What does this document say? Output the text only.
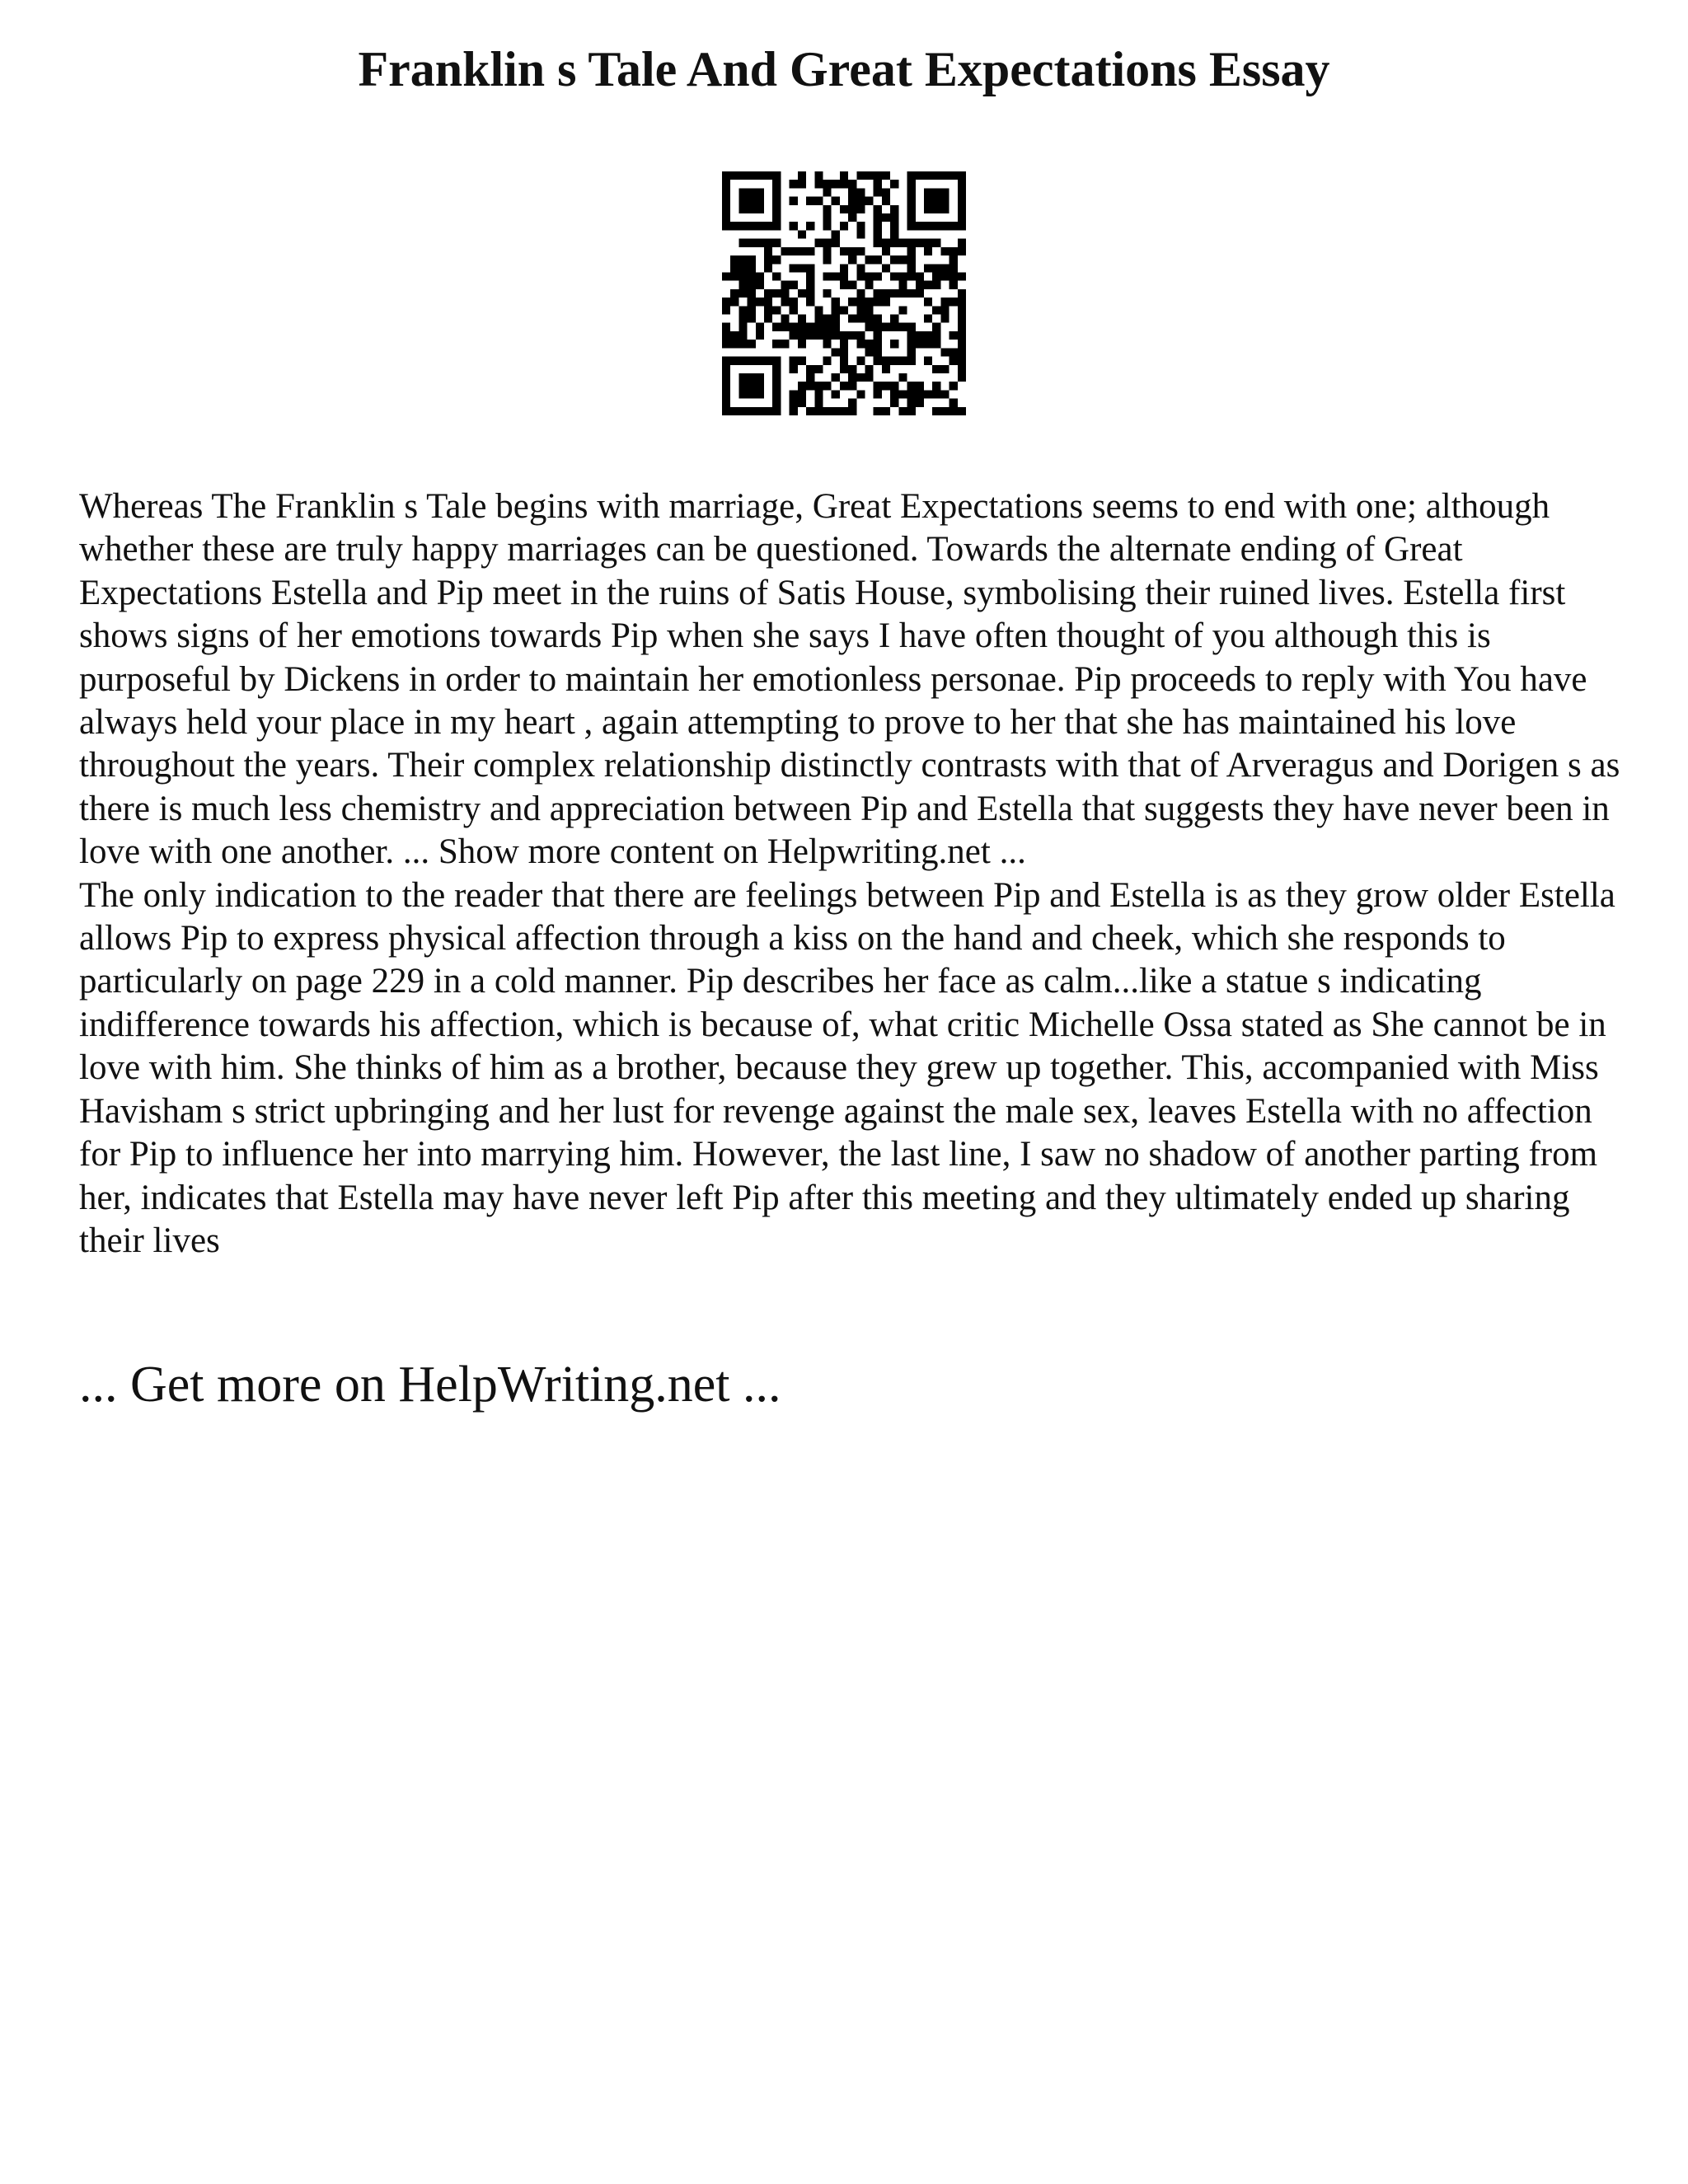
Franklin s Tale And Great Expectations Essay

Whereas The Franklin s Tale begins with marriage, Great Expectations seems to end with one; although whether these are truly happy marriages can be questioned. Towards the alternate ending of Great Expectations Estella and Pip meet in the ruins of Satis House, symbolising their ruined lives. Estella first shows signs of her emotions towards Pip when she says I have often thought of you although this is purposeful by Dickens in order to maintain her emotionless personae. Pip proceeds to reply with You have always held your place in my heart , again attempting to prove to her that she has maintained his love throughout the years. Their complex relationship distinctly contrasts with that of Arveragus and Dorigen s as there is much less chemistry and appreciation between Pip and Estella that suggests they have never been in love with one another. ... Show more content on Helpwriting.net ...

The only indication to the reader that there are feelings between Pip and Estella is as they grow older Estella allows Pip to express physical affection through a kiss on the hand and cheek, which she responds to particularly on page 229 in a cold manner. Pip describes her face as calm...like a statue s indicating indifference towards his affection, which is because of, what critic Michelle Ossa stated as She cannot be in love with him. She thinks of him as a brother, because they grew up together. This, accompanied with Miss Havisham s strict upbringing and her lust for revenge against the male sex, leaves Estella with no affection for Pip to influence her into marrying him. However, the last line, I saw no shadow of another parting from her, indicates that Estella may have never left Pip after this meeting and they ultimately ended up sharing their lives

... Get more on HelpWriting.net ...
